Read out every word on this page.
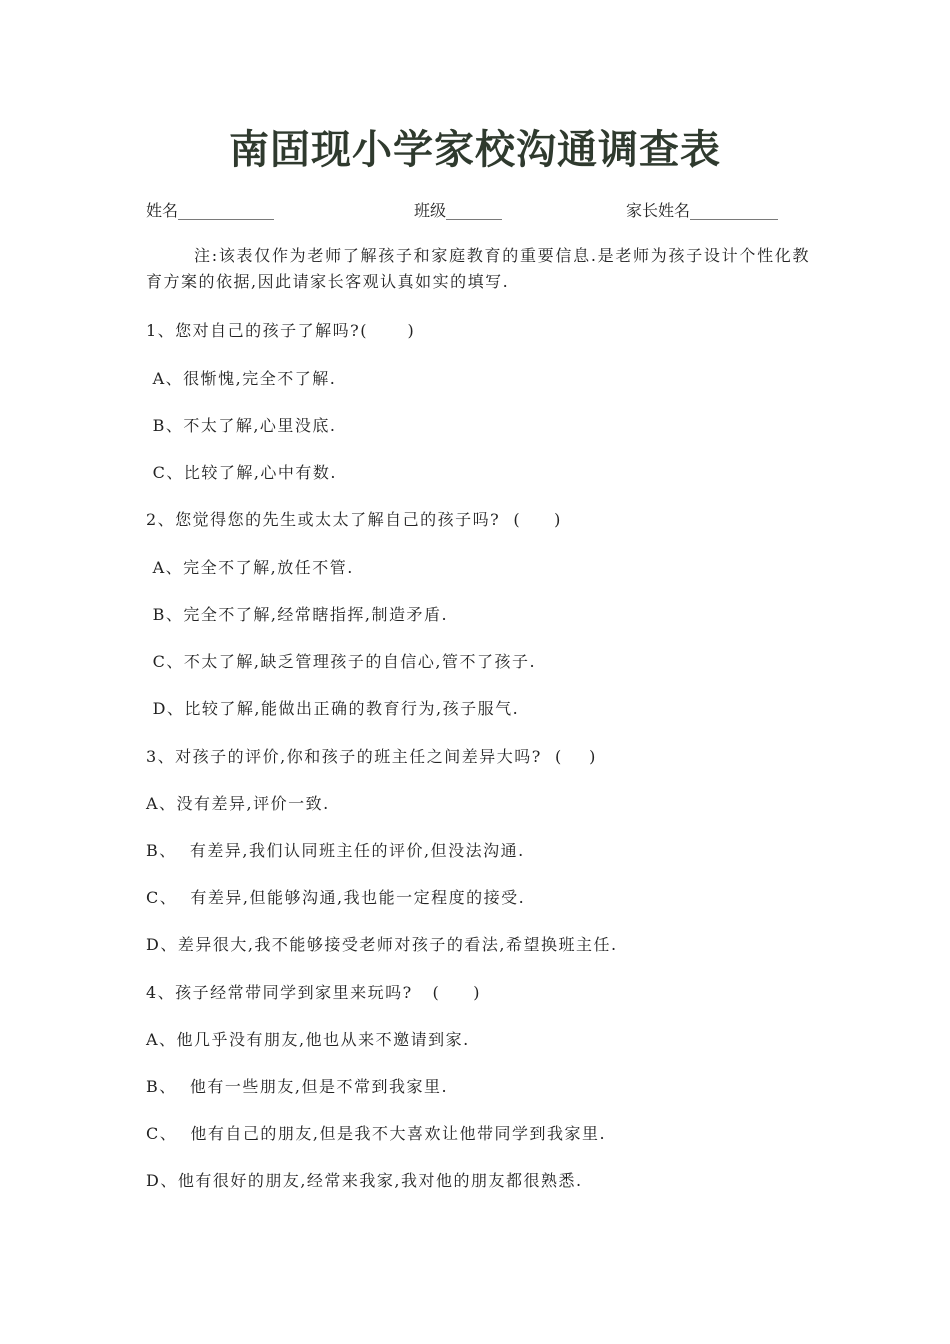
南固现小学家校沟通调查表
姓名____________	班级_______	家长姓名___________
注:该表仅作为老师了解孩子和家庭教育的重要信息.是老师为孩子设计个性化教育方案的依据,因此请家长客观认真如实的填写.
1、您对自己的孩子了解吗?(      )
A、很惭愧,完全不了解.
B、不太了解,心里没底.
C、比较了解,心中有数.
2、您觉得您的先生或太太了解自己的孩子吗?  (     )
A、完全不了解,放任不管.
B、完全不了解,经常瞎指挥,制造矛盾.
C、不太了解,缺乏管理孩子的自信心,管不了孩子.
D、比较了解,能做出正确的教育行为,孩子服气.
3、对孩子的评价,你和孩子的班主任之间差异大吗?  (    )
A、没有差异,评价一致.
B、  有差异,我们认同班主任的评价,但没法沟通.
C、  有差异,但能够沟通,我也能一定程度的接受.
D、差异很大,我不能够接受老师对孩子的看法,希望换班主任.
4、孩子经常带同学到家里来玩吗?   (     )
A、他几乎没有朋友,他也从来不邀请到家.
B、  他有一些朋友,但是不常到我家里.
C、  他有自己的朋友,但是我不大喜欢让他带同学到我家里.
D、他有很好的朋友,经常来我家,我对他的朋友都很熟悉.
